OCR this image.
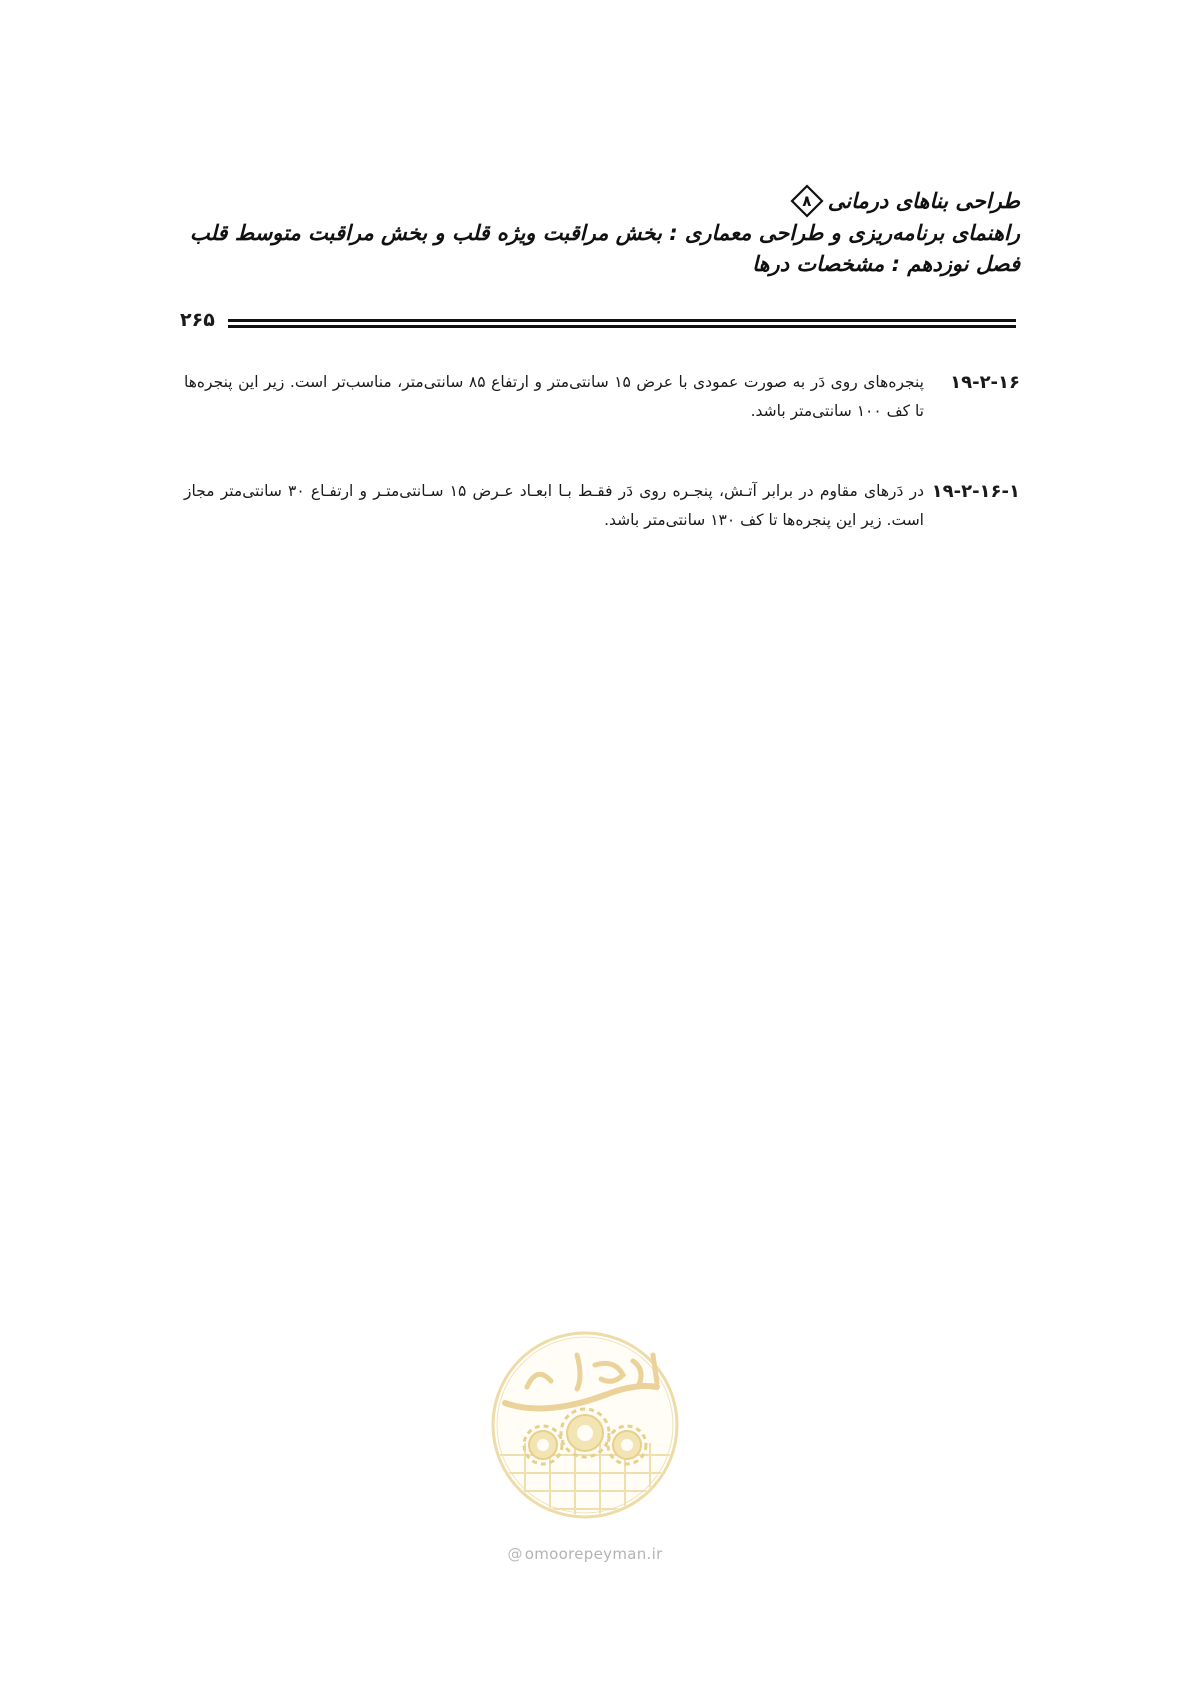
طراحی بناهای درمانی
۸
راهنمای برنامه‌ریزی و طراحی معماری : بخش مراقبت ویژه قلب و بخش مراقبت متوسط قلب
فصل نوزدهم : مشخصات درها
۲۶۵
۱۹-۲-۱۶پنجره‌های روی دَر به صورت عمودی با عرض ۱۵ سانتی‌متر و ارتفاع ۸۵ سانتی‌متر، مناسب‌تر است. زیر این پنجره‌ها تا کف ۱۰۰ سانتی‌متر باشد.
۱۹-۲-۱۶-۱در دَرهای مقاوم در برابر آتـش، پنجـره روی دَر فقـط بـا ابعـاد عـرض ۱۵ سـانتی‌متـر و ارتفـاع ۳۰ سانتی‌متر مجاز است. زیر این پنجره‌ها تا کف ۱۳۰ سانتی‌متر باشد.
@ omoorepeyman.ir
